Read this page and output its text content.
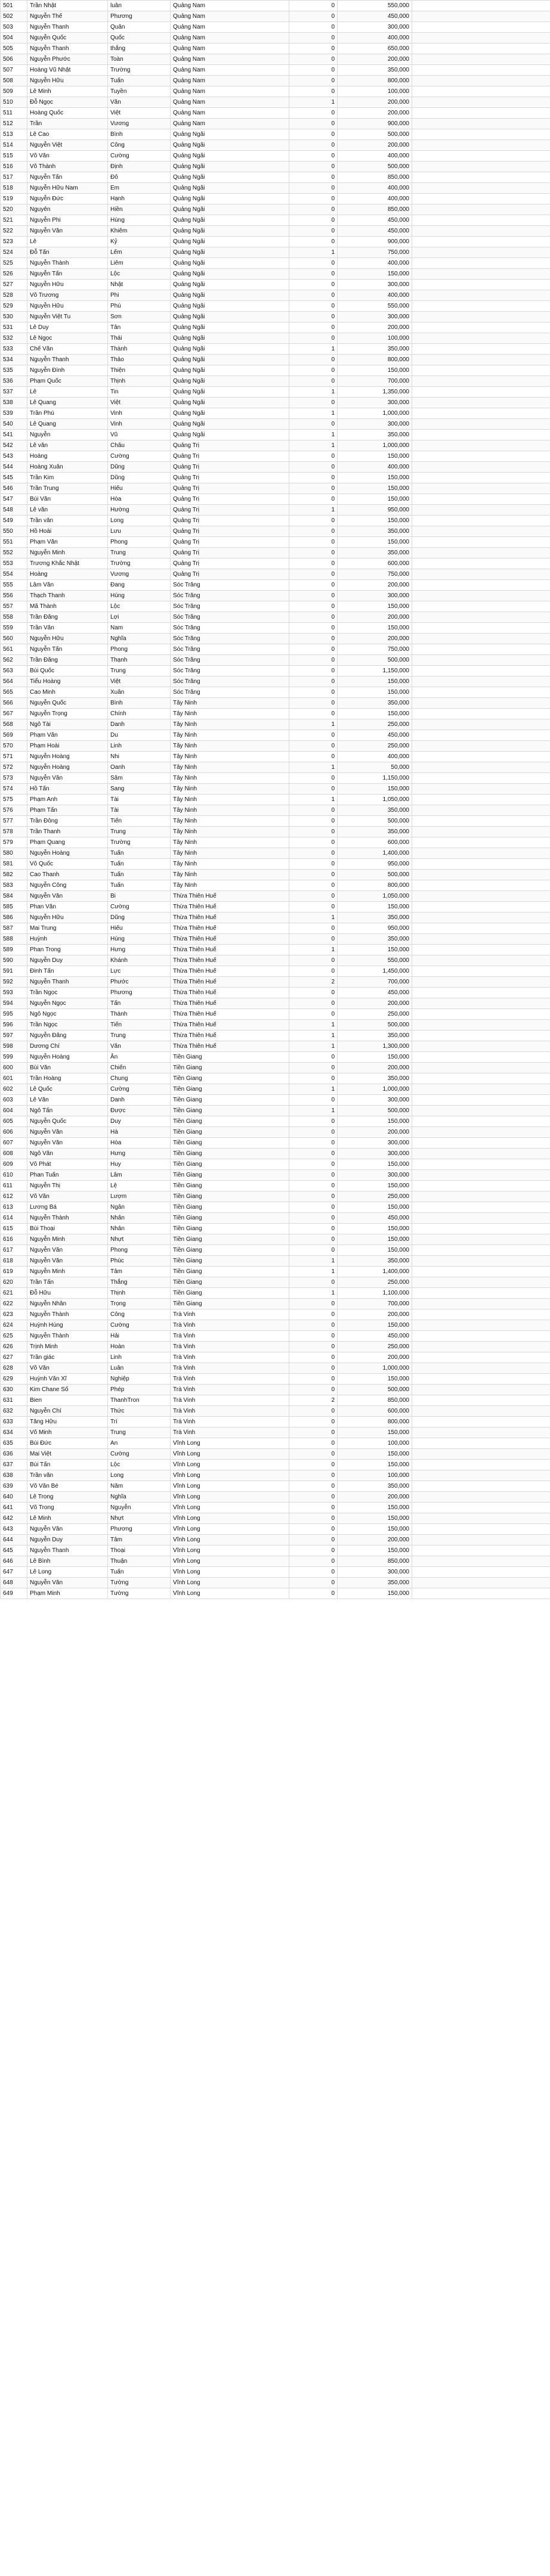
501	Trần Nhật	luân	Quảng Nam	0	550,000	
502	Nguyễn Thế	Phương	Quảng Nam	0	450,000	
503	Nguyễn Thanh	Quân	Quảng Nam	0	300,000	
504	Nguyễn Quốc	Quốc	Quảng Nam	0	400,000	
505	Nguyễn Thanh	thắng	Quảng Nam	0	650,000	
506	Nguyễn Phước	Toàn	Quảng Nam	0	200,000	
507	Hoàng Vũ Nhật	Trường	Quảng Nam	0	350,000	
508	Nguyễn Hữu	Tuấn	Quảng Nam	0	800,000	
509	Lê Minh	Tuyền	Quảng Nam	0	100,000	
510	Đỗ Ngọc	Văn	Quảng Nam	1	200,000	
511	Hoàng Quốc	Việt	Quảng Nam	0	200,000	
512	Trần	Vương	Quảng Nam	0	900,000	
513	Lê Cao	Bình	Quảng Ngãi	0	500,000	
514	Nguyễn Việt	Công	Quảng Ngãi	0	200,000	
515	Võ Văn	Cường	Quảng Ngãi	0	400,000	
516	Võ Thành	Định	Quảng Ngãi	0	500,000	
517	Nguyễn Tấn	Đô	Quảng Ngãi	0	850,000	
518	Nguyễn Hữu Nam	Em	Quảng Ngãi	0	400,000	
519	Nguyễn Đức	Hạnh	Quảng Ngãi	0	400,000	
520	Nguyên	Hiền	Quảng Ngãi	0	850,000	
521	Nguyễn Phi	Hùng	Quảng Ngãi	0	450,000	
522	Nguyễn Văn	Khiêm	Quảng Ngãi	0	450,000	
523	Lê	Kỷ	Quảng Ngãi	0	900,000	
524	Đỗ Tấn	Lếm	Quảng Ngãi	1	750,000	
525	Nguyễn Thành	Liêm	Quảng Ngãi	0	400,000	
526	Nguyễn Tấn	Lộc	Quảng Ngãi	0	150,000	
527	Nguyễn Hữu	Nhật	Quảng Ngãi	0	300,000	
528	Võ Trương	Phi	Quảng Ngãi	0	400,000	
529	Nguyễn Hữu	Phú	Quảng Ngãi	0	550,000	
530	Nguyễn Việt Tu	Sơn	Quảng Ngãi	0	300,000	
531	Lê Duy	Tân	Quảng Ngãi	0	200,000	
532	Lê Ngọc	Thái	Quảng Ngãi	0	100,000	
533	Chế Văn	Thành	Quảng Ngãi	1	350,000	
534	Nguyễn Thanh	Thảo	Quảng Ngãi	0	800,000	
535	Nguyễn Đình	Thiện	Quảng Ngãi	0	150,000	
536	Phạm Quốc	Thịnh	Quảng Ngãi	0	700,000	
537	Lê	Tin	Quảng Ngãi	1	1,350,000	
538	Lê Quang	Việt	Quảng Ngãi	0	300,000	
539	Trần Phú	Vinh	Quảng Ngãi	1	1,000,000	
540	Lê Quang	Vinh	Quảng Ngãi	0	300,000	
541	Nguyễn	Vũ	Quảng Ngãi	1	350,000	
542	Lê văn	Châu	Quảng Trị	1	1,000,000	
543	Hoàng	Cường	Quảng Trị	0	150,000	
544	Hoàng Xuân	Dũng	Quảng Trị	0	400,000	
545	Trần Kim	Dũng	Quảng Trị	0	150,000	
546	Trần Trung	Hiếu	Quảng Trị	0	150,000	
547	Bùi Văn	Hòa	Quảng Trị	0	150,000	
548	Lê văn	Hường	Quảng Trị	1	950,000	
549	Trần văn	Long	Quảng Trị	0	150,000	
550	Hồ Hoài	Lưu	Quảng Trị	0	350,000	
551	Phạm Văn	Phong	Quảng Trị	0	150,000	
552	Nguyễn Minh	Trung	Quảng Trị	0	350,000	
553	Trương Khắc Nhật	Trường	Quảng Trị	0	600,000	
554	Hoàng	Vương	Quảng Trị	0	750,000	
555	Lâm Văn	Đang	Sóc Trăng	0	200,000	
556	Thạch Thanh	Hùng	Sóc Trăng	0	300,000	
557	Mã Thành	Lộc	Sóc Trăng	0	150,000	
558	Trần Đăng	Lợi	Sóc Trăng	0	200,000	
559	Trần Văn	Nam	Sóc Trăng	0	150,000	
560	Nguyễn Hữu	Nghĩa	Sóc Trăng	0	200,000	
561	Nguyễn Tấn	Phong	Sóc Trăng	0	750,000	
562	Trần Đăng	Thạnh	Sóc Trăng	0	500,000	
563	Bùi Quốc	Trung	Sóc Trăng	0	1,150,000	
564	Tiểu Hoàng	Việt	Sóc Trăng	0	150,000	
565	Cao Minh	Xuân	Sóc Trăng	0	150,000	
566	Nguyễn Quốc	Bình	Tây Ninh	0	350,000	
567	Nguyễn Trọng	Chính	Tây Ninh	0	150,000	
568	Ngô Tài	Danh	Tây Ninh	1	250,000	
569	Phạm Văn	Du	Tây Ninh	0	450,000	
570	Phạm Hoài	Linh	Tây Ninh	0	250,000	
571	Nguyễn Hoàng	Nhi	Tây Ninh	0	400,000	
572	Nguyễn Hoàng	Oanh	Tây Ninh	1	50,000	
573	Nguyễn Văn	Sâm	Tây Ninh	0	1,150,000	
574	Hồ Tấn	Sang	Tây Ninh	0	150,000	
575	Phạm Anh	Tài	Tây Ninh	1	1,050,000	
576	Phạm Tấn	Tài	Tây Ninh	0	350,000	
577	Trần Đông	Tiến	Tây Ninh	0	500,000	
578	Trần Thanh	Trung	Tây Ninh	0	350,000	
579	Phạm Quang	Trường	Tây Ninh	0	600,000	
580	Nguyễn Hoàng	Tuấn	Tây Ninh	0	1,400,000	
581	Võ Quốc	Tuấn	Tây Ninh	0	950,000	
582	Cao Thanh	Tuấn	Tây Ninh	0	500,000	
583	Nguyễn Công	Tuấn	Tây Ninh	0	800,000	
584	Nguyễn Văn	Bi	Thừa Thiên Huế	0	1,050,000	
585	Phan Văn	Cường	Thừa Thiên Huế	0	150,000	
586	Nguyễn Hữu	Dũng	Thừa Thiên Huế	1	350,000	
587	Mai Trung	Hiếu	Thừa Thiên Huế	0	950,000	
588	Huỳnh	Hùng	Thừa Thiên Huế	0	350,000	
589	Phan Trong	Hưng	Thừa Thiên Huế	1	150,000	
590	Nguyễn Duy	Khánh	Thừa Thiên Huế	0	550,000	
591	Đinh Tấn	Lực	Thừa Thiên Huế	0	1,450,000	
592	Nguyễn Thanh	Phước	Thừa Thiên Huế	2	700,000	
593	Trần Ngọc	Phương	Thừa Thiên Huế	0	450,000	
594	Nguyễn Ngọc	Tấn	Thừa Thiên Huế	0	200,000	
595	Ngô Ngọc	Thành	Thừa Thiên Huế	0	250,000	
596	Trần Ngọc	Tiến	Thừa Thiên Huế	1	500,000	
597	Nguyễn Đăng	Trung	Thừa Thiên Huế	1	350,000	
598	Dương Chí	Văn	Thừa Thiên Huế	1	1,300,000	
599	Nguyễn Hoàng	Ân	Tiền Giang	0	150,000	
600	Bùi Văn	Chiến	Tiền Giang	0	200,000	
601	Trần Hoàng	Chung	Tiền Giang	0	350,000	
602	Lê Quốc	Cường	Tiền Giang	1	1,000,000	
603	Lê Văn	Danh	Tiền Giang	0	300,000	
604	Ngô Tấn	Được	Tiền Giang	1	500,000	
605	Nguyễn Quốc	Duy	Tiền Giang	0	150,000	
606	Nguyễn Văn	Hà	Tiền Giang	0	200,000	
607	Nguyễn Văn	Hòa	Tiền Giang	0	300,000	
608	Ngô Văn	Hưng	Tiền Giang	0	300,000	
609	Võ Phát	Huy	Tiền Giang	0	150,000	
610	Phan Tuấn	Lâm	Tiền Giang	0	300,000	
611	Nguyễn Thị	Lệ	Tiền Giang	0	150,000	
612	Võ Văn	Lượm	Tiền Giang	0	250,000	
613	Lương Bá	Ngân	Tiền Giang	0	150,000	
614	Nguyễn Thành	Nhân	Tiền Giang	0	450,000	
615	Bùi Thoại	Nhân	Tiền Giang	0	150,000	
616	Nguyễn Minh	Nhựt	Tiền Giang	0	150,000	
617	Nguyễn Văn	Phong	Tiền Giang	0	150,000	
618	Nguyễn Văn	Phúc	Tiền Giang	1	350,000	
619	Nguyễn Minh	Tâm	Tiền Giang	1	1,400,000	
620	Trần Tấn	Thắng	Tiền Giang	0	250,000	
621	Đỗ Hữu	Thịnh	Tiền Giang	1	1,100,000	
622	Nguyễn Nhân	Trọng	Tiền Giang	0	700,000	
623	Nguyễn Thành	Công	Trà Vinh	0	200,000	
624	Huỳnh Hùng	Cường	Trà Vinh	0	150,000	
625	Nguyễn Thành	Hải	Trà Vinh	0	450,000	
626	Trịnh Minh	Hoàn	Trà Vinh	0	250,000	
627	Trần giác	Linh	Trà Vinh	0	200,000	
628	Võ Văn	Luân	Trà Vinh	0	1,000,000	
629	Huỳnh Văn Xĩ	Nghiệp	Trà Vinh	0	150,000	
630	Kim Chane Số	Phép	Trà Vinh	0	500,000	
631	Bien	ThanhTron	Trà Vinh	2	850,000	
632	Nguyễn Chí	Thức	Trà Vinh	0	600,000	
633	Tăng Hữu	Trí	Trà Vinh	0	800,000	
634	Võ Minh	Trung	Trà Vinh	0	150,000	
635	Bùi Đức	An	Vĩnh Long	0	100,000	
636	Mai Việt	Cường	Vĩnh Long	0	150,000	
637	Bùi Tấn	Lộc	Vĩnh Long	0	150,000	
638	Trần văn	Long	Vĩnh Long	0	100,000	
639	Võ Văn Bé	Năm	Vĩnh Long	0	350,000	
640	Lê Trong	Nghĩa	Vĩnh Long	0	200,000	
641	Võ Trong	Nguyễn	Vĩnh Long	0	150,000	
642	Lê Minh	Nhựt	Vĩnh Long	0	150,000	
643	Nguyễn Văn	Phương	Vĩnh Long	0	150,000	
644	Nguyễn Duy	Tâm	Vĩnh Long	0	200,000	
645	Nguyễn Thanh	Thoại	Vĩnh Long	0	150,000	
646	Lê Bình	Thuận	Vĩnh Long	0	850,000	
647	Lê Long	Tuấn	Vĩnh Long	0	300,000	
648	Nguyễn Văn	Tường	Vĩnh Long	0	350,000	
649	Phạm Minh	Tường	Vĩnh Long	0	150,000	
